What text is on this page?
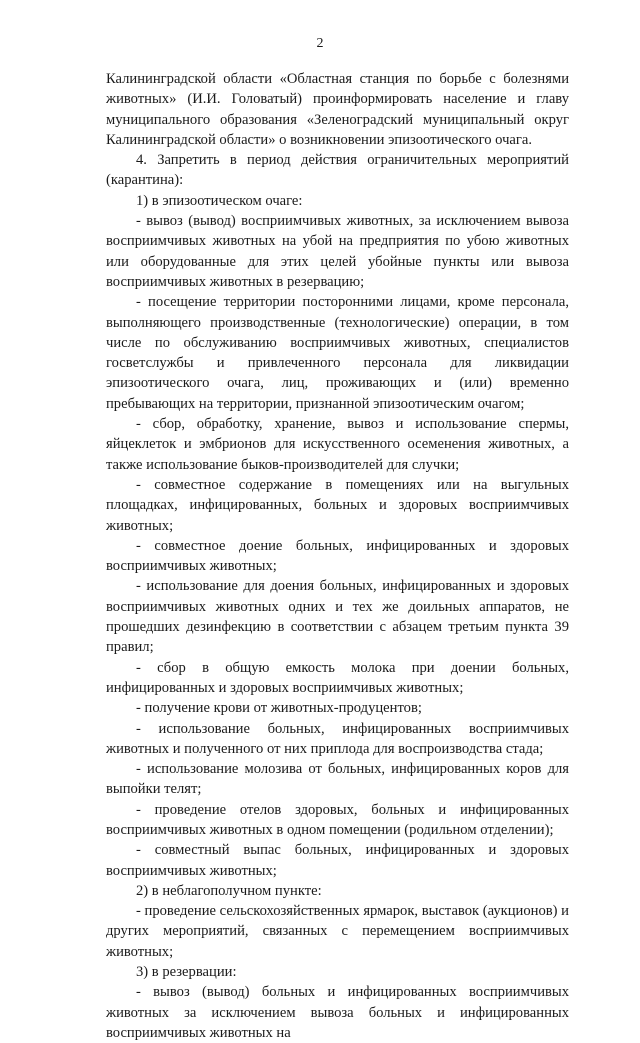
2

Калининградской области «Областная станция по борьбе с болезнями животных» (И.И. Головатый) проинформировать население и главу муниципального образования «Зеленоградский муниципальный округ Калининградской области» о возникновении эпизоотического очага.

4. Запретить в период действия ограничительных мероприятий (карантина):

1) в эпизоотическом очаге:

- вывоз (вывод) восприимчивых животных, за исключением вывоза восприимчивых животных на убой на предприятия по убою животных или оборудованные для этих целей убойные пункты или вывоза восприимчивых животных в резервацию;

- посещение территории посторонними лицами, кроме персонала, выполняющего производственные (технологические) операции, в том числе по обслуживанию восприимчивых животных, специалистов госветслужбы и привлеченного персонала для ликвидации эпизоотического очага, лиц, проживающих и (или) временно пребывающих на территории, признанной эпизоотическим очагом;

- сбор, обработку, хранение, вывоз и использование спермы, яйцеклеток и эмбрионов для искусственного осеменения животных, а также использование быков-производителей для случки;

- совместное содержание в помещениях или на выгульных площадках, инфицированных, больных и здоровых восприимчивых животных;

- совместное доение больных, инфицированных и здоровых восприимчивых животных;

- использование для доения больных, инфицированных и здоровых восприимчивых животных одних и тех же доильных аппаратов, не прошедших дезинфекцию в соответствии с абзацем третьим пункта 39 правил;

- сбор в общую емкость молока при доении больных, инфицированных и здоровых восприимчивых животных;

- получение крови от животных-продуцентов;

- использование больных, инфицированных восприимчивых животных и полученного от них приплода для воспроизводства стада;

- использование молозива от больных, инфицированных коров для выпойки телят;

- проведение отелов здоровых, больных и инфицированных восприимчивых животных в одном помещении (родильном отделении);

- совместный выпас больных, инфицированных и здоровых восприимчивых животных;

2) в неблагополучном пункте:

- проведение сельскохозяйственных ярмарок, выставок (аукционов) и других мероприятий, связанных с перемещением восприимчивых животных;

3) в резервации:

- вывоз (вывод) больных и инфицированных восприимчивых животных за исключением вывоза больных и инфицированных восприимчивых животных на
